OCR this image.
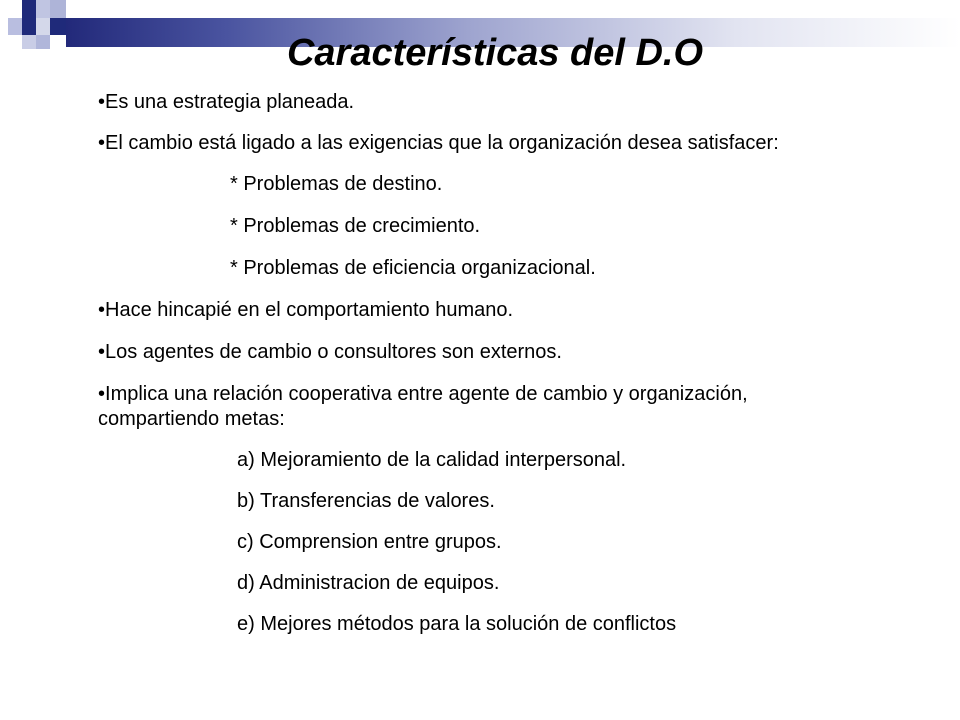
Características del D.O

• Es una estrategia planeada.

• El cambio está ligado a las exigencias que la organización desea satisfacer:

* Problemas de destino.

* Problemas de crecimiento.

* Problemas de eficiencia organizacional.

• Hace hincapié en el comportamiento humano.

• Los agentes de cambio o consultores son externos.

• Implica una relación cooperativa entre agente de cambio y organización, compartiendo metas:

a) Mejoramiento de la calidad interpersonal.

b) Transferencias de valores.

c) Comprension entre grupos.

d) Administracion de equipos.

e) Mejores métodos para la solución de conflictos
